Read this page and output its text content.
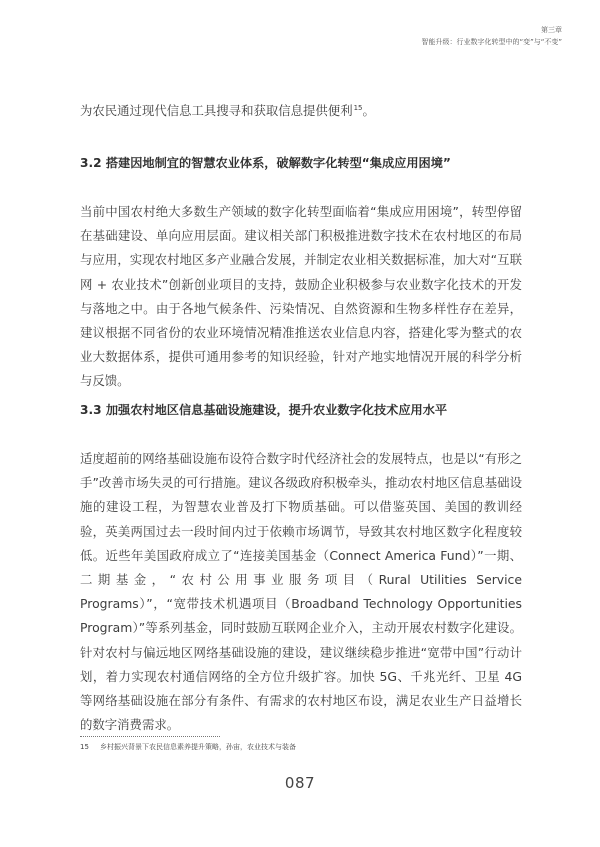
第三章
智能升级：行业数字化转型中的“变”与“不变”

为农民通过现代信息工具搜寻和获取信息提供便利$^{15}$。

3.2 搭建因地制宜的智慧农业体系，破解数字化转型“集成应用困境”

当前中国农村绝大多数生产领域的数字化转型面临着“集成应用困境”，转型停留在基础建设、单向应用层面。建议相关部门积极推进数字技术在农村地区的布局与应用，实现农村地区多产业融合发展，并制定农业相关数据标准，加大对“互联网 + 农业技术”创新创业项目的支持，鼓励企业积极参与农业数字化技术的开发与落地之中。由于各地气候条件、污染情况、自然资源和生物多样性存在差异，建议根据不同省份的农业环境情况精准推送农业信息内容，搭建化零为整式的农业大数据体系，提供可通用参考的知识经验，针对产地实地情况开展的科学分析与反馈。

3.3 加强农村地区信息基础设施建设，提升农业数字化技术应用水平

适度超前的网络基础设施布设符合数字时代经济社会的发展特点，也是以“有形之手”改善市场失灵的可行措施。建议各级政府积极牵头，推动农村地区信息基础设施的建设工程，为智慧农业普及打下物质基础。可以借鉴英国、美国的教训经验，英美两国过去一段时间内过于依赖市场调节，导致其农村地区数字化程度较低。近些年美国政府成立了“连接美国基金（Connect America Fund）”一期、二期基金，“农村公用事业服务项目（Rural Utilities Service Programs）”，“宽带技术机遇项目（Broadband Technology Opportunities Program）”等系列基金，同时鼓励互联网企业介入，主动开展农村数字化建设。针对农村与偏远地区网络基础设施的建设，建议继续稳步推进“宽带中国”行动计划，着力实现农村通信网络的全方位升级扩容。加快 5G、千兆光纤、卫星 4G 等网络基础设施在部分有条件、有需求的农村地区布设，满足农业生产日益增长的数字消费需求。

15 乡村振兴背景下农民信息素养提升策略，孙宙，农业技术与装备
087
